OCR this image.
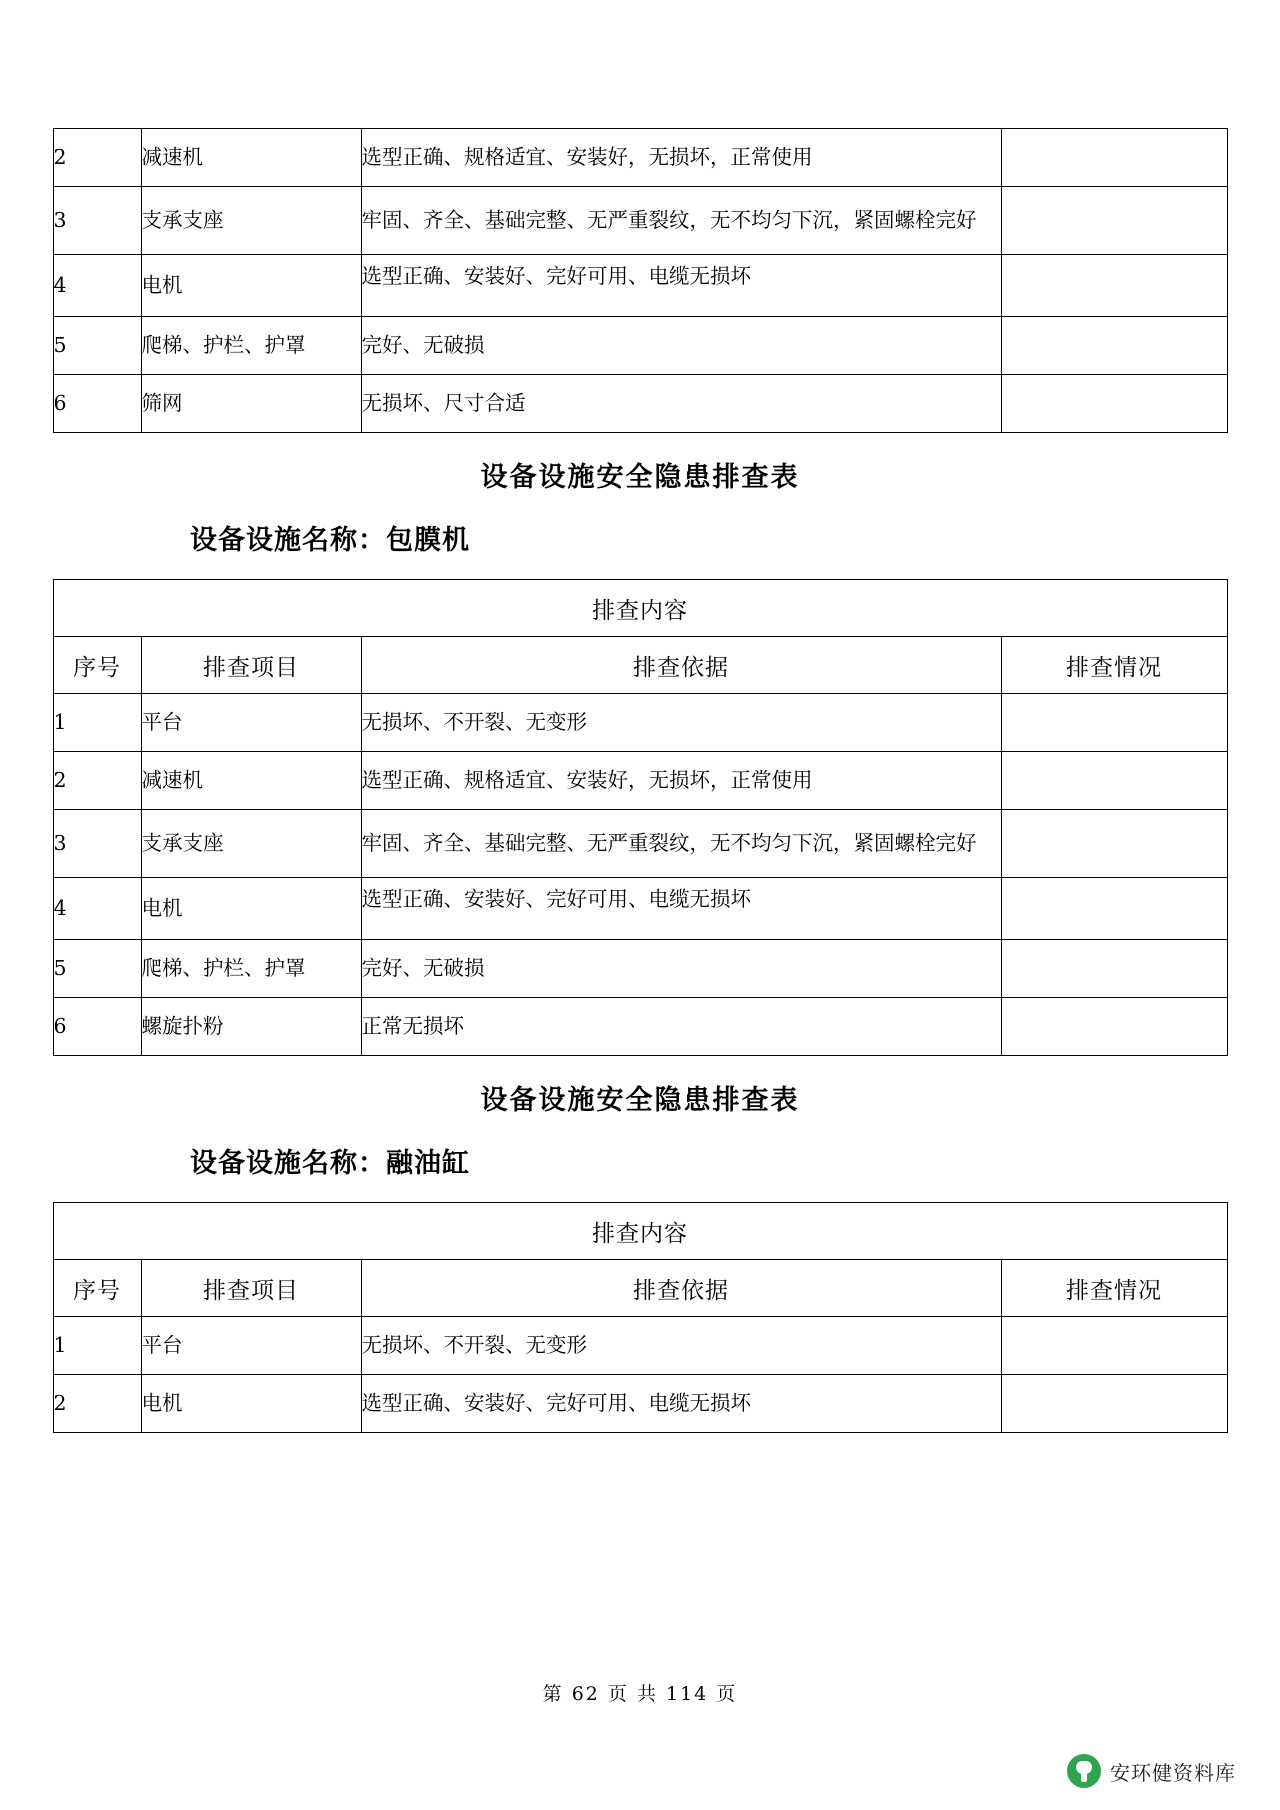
2	减速机	选型正确、规格适宜、安装好，无损坏，正常使用	
3	支承支座	牢固、齐全、基础完整、无严重裂纹，无不均匀下沉，紧固螺栓完好	
4	电机	选型正确、安装好、完好可用、电缆无损坏	
5	爬梯、护栏、护罩	完好、无破损	
6	筛网	无损坏、尺寸合适	
设备设施安全隐患排查表
设备设施名称：包膜机
排查内容			
序号	排查项目	排查依据	排查情况
1	平台	无损坏、不开裂、无变形	
2	减速机	选型正确、规格适宜、安装好，无损坏，正常使用	
3	支承支座	牢固、齐全、基础完整、无严重裂纹，无不均匀下沉，紧固螺栓完好	
4	电机	选型正确、安装好、完好可用、电缆无损坏	
5	爬梯、护栏、护罩	完好、无破损	
6	螺旋扑粉	正常无损坏	
设备设施安全隐患排查表
设备设施名称：融油缸
排查内容			
序号	排查项目	排查依据	排查情况
1	平台	无损坏、不开裂、无变形	
2	电机	选型正确、安装好、完好可用、电缆无损坏	
第 62 页 共 114 页
安环健资料库
